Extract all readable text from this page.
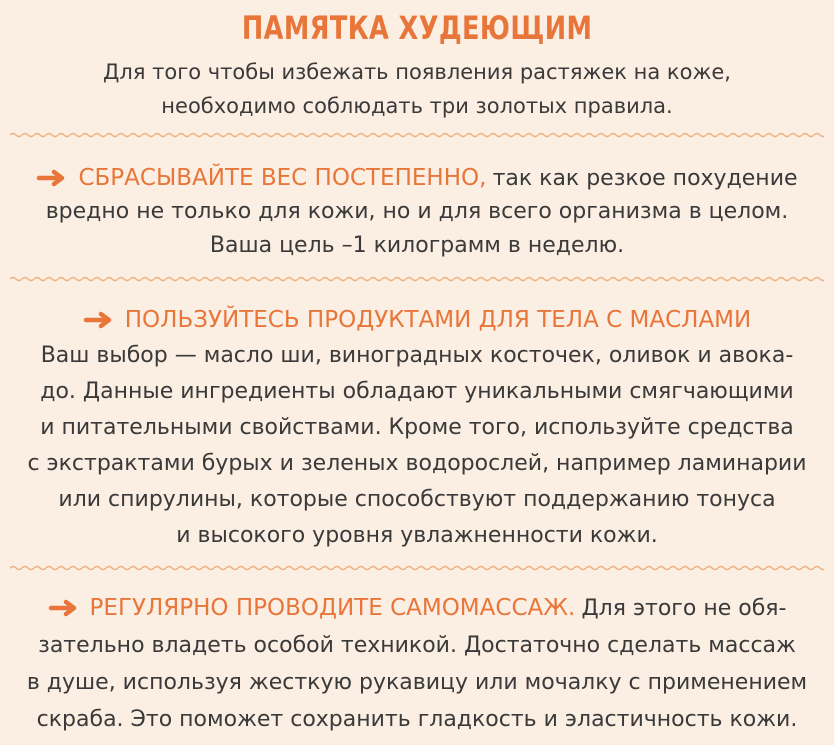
ПАМЯТКА ХУДЕЮЩИМ
Для того чтобы избежать появления растяжек на коже,
необходимо соблюдать три золотых правила.
СБРАСЫВАЙТЕ ВЕС ПОСТЕПЕННО, так как резкое похудение
вредно не только для кожи, но и для всего организма в целом.
Ваша цель –1 килограмм в неделю.
ПОЛЬЗУЙТЕСЬ ПРОДУКТАМИ ДЛЯ ТЕЛА С МАСЛАМИ
Ваш выбор — масло ши, виноградных косточек, оливок и авока-
до. Данные ингредиенты обладают уникальными смягчающими
и питательными свойствами. Кроме того, используйте средства
с экстрактами бурых и зеленых водорослей, например ламинарии
или спирулины, которые способствуют поддержанию тонуса
и высокого уровня увлажненности кожи.
РЕГУЛЯРНО ПРОВОДИТЕ САМОМАССАЖ. Для этого не обя-
зательно владеть особой техникой. Достаточно сделать массаж
в душе, используя жесткую рукавицу или мочалку с применением
скраба. Это поможет сохранить гладкость и эластичность кожи.
